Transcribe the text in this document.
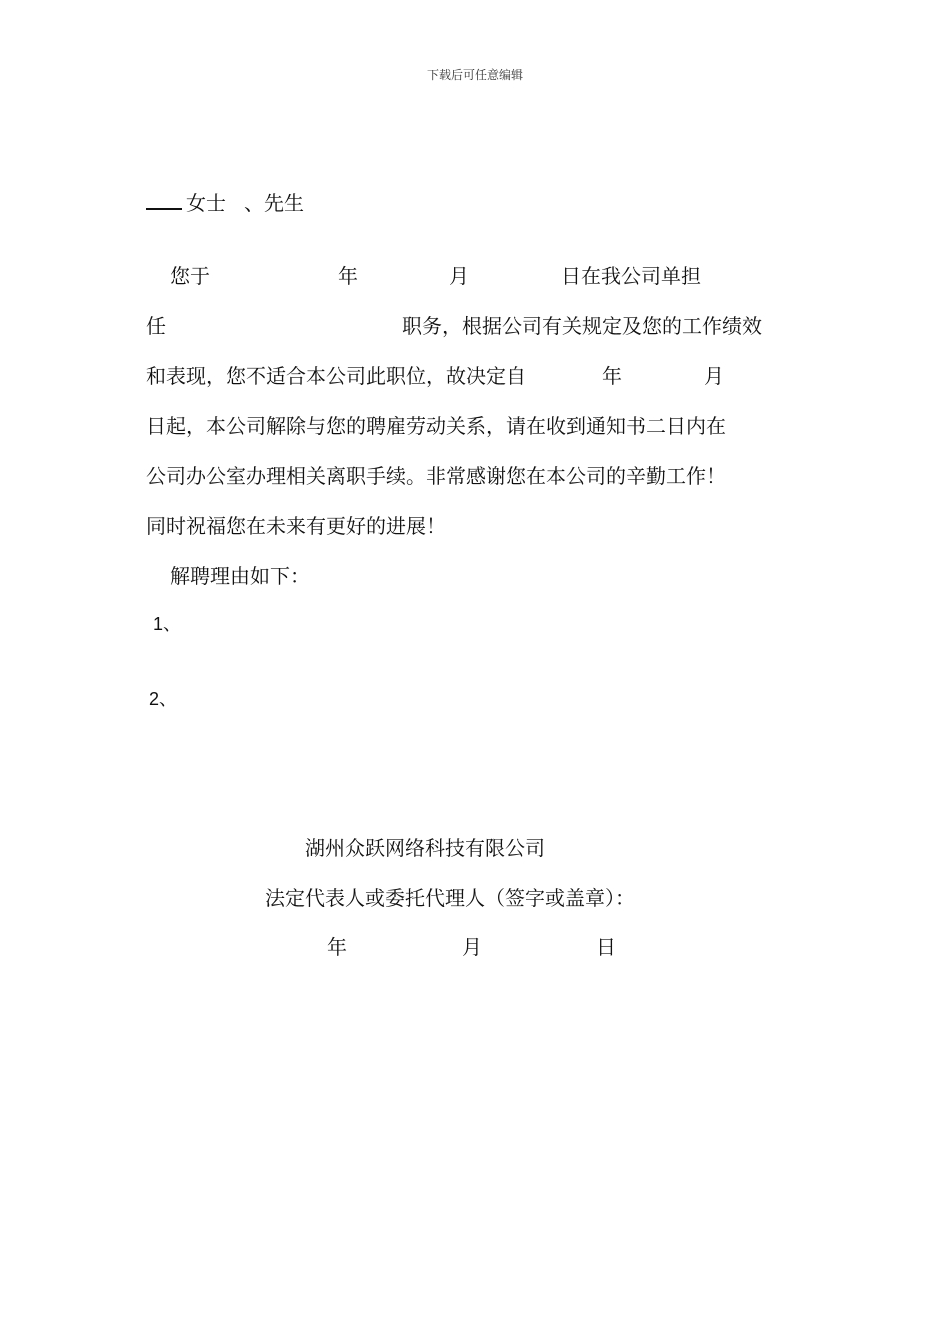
下载后可任意编辑
女士 、先生
您于	年	月	日在我公司单担
任	职务，根据公司有关规定及您的工作绩效
和表现，您不适合本公司此职位，故决定自	年	月
日起，本公司解除与您的聘雇劳动关系，请在收到通知书二日内在
公司办公室办理相关离职手续。非常感谢您在本公司的辛勤工作！
同时祝福您在未来有更好的进展！
解聘理由如下：
1、
2、
湖州众跃网络科技有限公司
法定代表人或委托代理人（签字或盖章）：
年	月	日
